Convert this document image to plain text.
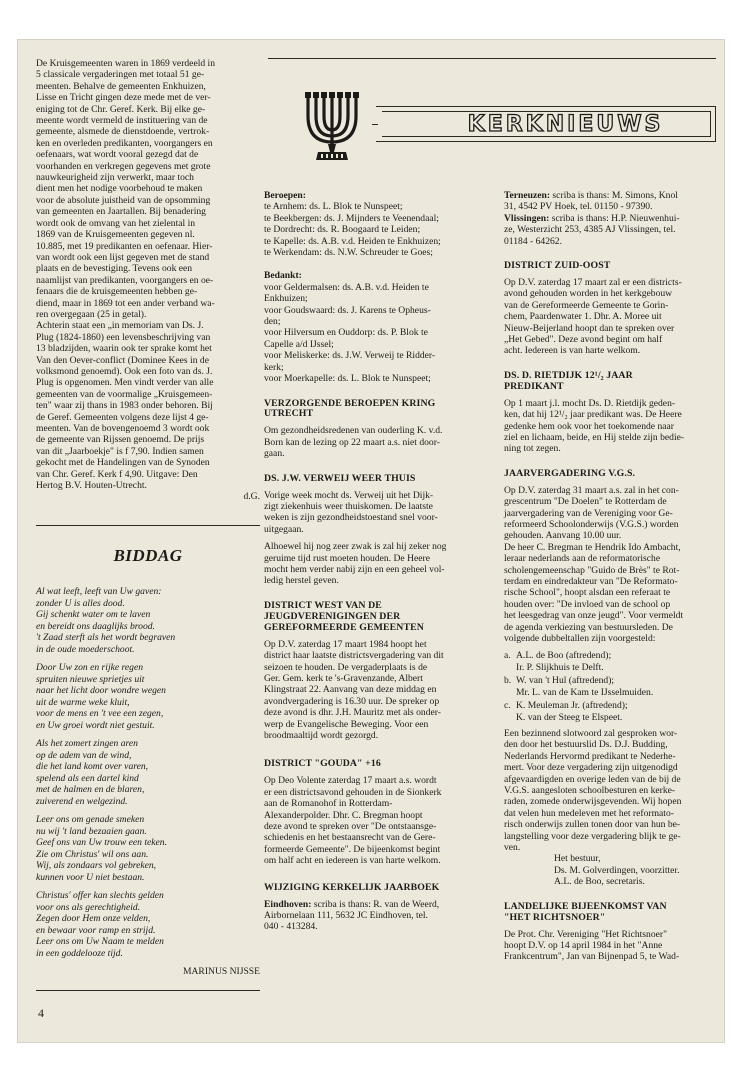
De Kruisgemeenten waren in 1869 verdeeld in
5 classicale vergaderingen met totaal 51 ge-
meenten. Behalve de gemeenten Enkhuizen,
Lisse en Tricht gingen deze mede met de ver-
eniging tot de Chr. Geref. Kerk. Bij elke ge-
meente wordt vermeld de instituering van de
gemeente, alsmede de dienstdoende, vertrok-
ken en overleden predikanten, voorgangers en
oefenaars, wat wordt vooral gezegd dat de
voorhanden en verkregen gegevens met grote
nauwkeurigheid zijn verwerkt, maar toch
dient men het nodige voorbehoud te maken
voor de absolute juistheid van de opsomming
van gemeenten en Jaartallen. Bij benadering
wordt ook de omvang van het zielental in
1869 van de Kruisgemeenten gegeven nl.
10.885, met 19 predikanten en oefenaar. Hier-
van wordt ook een lijst gegeven met de stand
plaats en de bevestiging. Tevens ook een
naamlijst van predikanten, voorgangers en oe-
fenaars die de kruisgemeenten hebben ge-
diend, maar in 1869 tot een ander verband wa-
ren overgegaan (25 in getal).
Achterin staat een „in memoriam van Ds. J.
Plug (1824-1860) een levensbeschrijving van
13 bladzijden, waarin ook ter sprake komt het
Van den Oever-conflict (Dominee Kees in de
volksmond genoemd). Ook een foto van ds. J.
Plug is opgenomen. Men vindt verder van alle
gemeenten van de voormalige „Kruisgemeen-
ten" waar zij thans in 1983 onder behoren. Bij
de Geref. Gemeenten volgens deze lijst 4 ge-
meenten. Van de bovengenoemd 3 wordt ook
de gemeente van Rijssen genoemd. De prijs
van dit „Jaarboekje" is f 7,90. Indien samen
gekocht met de Handelingen van de Synoden
van Chr. Geref. Kerk f 4,90. Uitgave: Den
Hertog B.V. Houten-Utrecht.

d.G.
BIDDAG
Al wat leeft, leeft van Uw gaven:
zonder U is alles dood.
Gij schenkt water om te laven
en bereidt ons daaglijks brood.
't Zaad sterft als het wordt begraven
in de oude moederschoot.
Door Uw zon en rijke regen
spruiten nieuwe sprietjes uit
naar het licht door wondre wegen
uit de warme weke kluit,
voor de mens en 't vee een zegen,
en Uw groei wordt niet gestuit.
Als het zomert zingen aren
op de adem van de wind,
die het land komt over varen,
spelend als een dartel kind
met de halmen en de blaren,
zuiverend en welgezind.
Leer ons om genade smeken
nu wij 't land bezaaien gaan.
Geef ons van Uw trouw een teken.
Zie om Christus' wil ons aan.
Wij, als zondaars vol gebreken,
kunnen voor U niet bestaan.
Christus' offer kan slechts gelden
voor ons als gerechtigheid.
Zegen door Hem onze velden,
en bewaar voor ramp en strijd.
Leer ons om Uw Naam te melden
in een goddelooze tijd.
MARINUS NIJSSE
4
KERKNIEUWS
Beroepen:

te Arnhem: ds. L. Blok te Nunspeet;
te Beekbergen: ds. J. Mijnders te Veenendaal;
te Dordrecht: ds. R. Boogaard te Leiden;
te Kapelle: ds. A.B. v.d. Heiden te Enkhuizen;
te Werkendam: ds. N.W. Schreuder te Goes;

Bedankt:

voor Geldermalsen: ds. A.B. v.d. Heiden te
Enkhuizen;
voor Goudswaard: ds. J. Karens te Opheus-
den;
voor Hilversum en Ouddorp: ds. P. Blok te
Capelle a/d IJssel;
voor Meliskerke: ds. J.W. Verweij te Ridder-
kerk;
voor Moerkapelle: ds. L. Blok te Nunspeet;

VERZORGENDE BEROEPEN KRING
UTRECHT

Om gezondheidsredenen van ouderling K. v.d.
Born kan de lezing op 22 maart a.s. niet door-
gaan.

DS. J.W. VERWEIJ WEER THUIS

Vorige week mocht ds. Verweij uit het Dijk-
zigt ziekenhuis weer thuiskomen. De laatste
weken is zijn gezondheidstoestand snel voor-
uitgegaan.

Alhoewel hij nog zeer zwak is zal hij zeker nog
geruime tijd rust moeten houden. De Heere
mocht hem verder nabij zijn en een geheel vol-
ledig herstel geven.

DISTRICT WEST VAN DE
JEUGDVERENIGINGEN DER
GEREFORMEERDE GEMEENTEN

Op D.V. zaterdag 17 maart 1984 hoopt het
district haar laatste districtsvergadering van dit
seizoen te houden. De vergaderplaats is de
Ger. Gem. kerk te 's-Gravenzande, Albert
Klingstraat 22. Aanvang van deze middag en
avondvergadering is 16.30 uur. De spreker op
deze avond is dhr. J.H. Mauritz met als onder-
werp de Evangelische Beweging. Voor een
broodmaaltijd wordt gezorgd.

DISTRICT "GOUDA" +16

Op Deo Volente zaterdag 17 maart a.s. wordt
er een districtsavond gehouden in de Sionkerk
aan de Romanohof in Rotterdam-
Alexanderpolder. Dhr. C. Bregman hoopt
deze avond te spreken over "De ontstaansge-
schiedenis en het bestaansrecht van de Gere-
formeerde Gemeente". De bijeenkomst begint
om half acht en iedereen is van harte welkom.

WIJZIGING KERKELIJK JAARBOEK

Eindhoven: scriba is thans: R. van de Weerd,
Airbornelaan 111, 5632 JC Eindhoven, tel.
040 - 413284.

Terneuzen: scriba is thans: M. Simons, Knol
31, 4542 PV Hoek, tel. 01150 - 97390.

Vlissingen: scriba is thans: H.P. Nieuwenhui-
ze, Westerzicht 253, 4385 AJ Vlissingen, tel.
01184 - 64262.

DISTRICT ZUID-OOST

Op D.V. zaterdag 17 maart zal er een districts-
avond gehouden worden in het kerkgebouw
van de Gereformeerde Gemeente te Gorin-
chem, Paardenwater 1. Dhr. A. Moree uit
Nieuw-Beijerland hoopt dan te spreken over
„Het Gebed". Deze avond begint om half
acht. Iedereen is van harte welkom.

DS. D. RIETDIJK 12¹/₂ JAAR
PREDIKANT

Op 1 maart j.l. mocht Ds. D. Rietdijk geden-
ken, dat hij 12¹/₂ jaar predikant was. De Heere
gedenke hem ook voor het toekomende naar
ziel en lichaam, beide, en Hij stelde zijn bedie-
ning tot zegen.

JAARVERGADERING V.G.S.

Op D.V. zaterdag 31 maart a.s. zal in het con-
grescentrum "De Doelen" te Rotterdam de
jaarvergadering van de Vereniging voor Ge-
reformeerd Schoolonderwijs (V.G.S.) worden
gehouden. Aanvang 10.00 uur.
De heer C. Bregman te Hendrik Ido Ambacht,
leraar nederlands aan de reformatorische
scholengemeenschap "Guido de Brès" te Rot-
terdam en eindredakteur van "De Reformato-
rische School", hoopt alsdan een referaat te
houden over: "De invloed van de school op
het leesgedrag van onze jeugd". Voor vermeldt
de agenda verkiezing van bestuursleden. De
volgende dubbeltallen zijn voorgesteld:

a. A.L. de Boo (aftredend);
Ir. P. Slijkhuis te Delft.
b. W. van 't Hul (aftredend);
Mr. L. van de Kam te IJsselmuiden.
c. K. Meuleman Jr. (aftredend);
K. van der Steeg te Elspeet.

Een bezinnend slotwoord zal gesproken wor-
den door het bestuurslid Ds. D.J. Budding,
Nederlands Hervormd predikant te Nederhe-
mert. Voor deze vergadering zijn uitgenodigd
afgevaardigden en overige leden van de bij de
V.G.S. aangesloten schoolbesturen en kerke-
raden, zomede onderwijsgevenden. Wij hopen
dat velen hun medeleven met het reformato-
risch onderwijs zullen tonen door van hun be-
langstelling voor deze vergadering blijk te ge-
ven.

Het bestuur,
Ds. M. Golverdingen, voorzitter.
A.L. de Boo, secretaris.
LANDELIJKE BIJEENKOMST VAN
"HET RICHTSNOER"

De Prot. Chr. Vereniging "Het Richtsnoer"
hoopt D.V. op 14 april 1984 in het "Anne
Frankcentrum", Jan van Bijnenpad 5, te Wad-
